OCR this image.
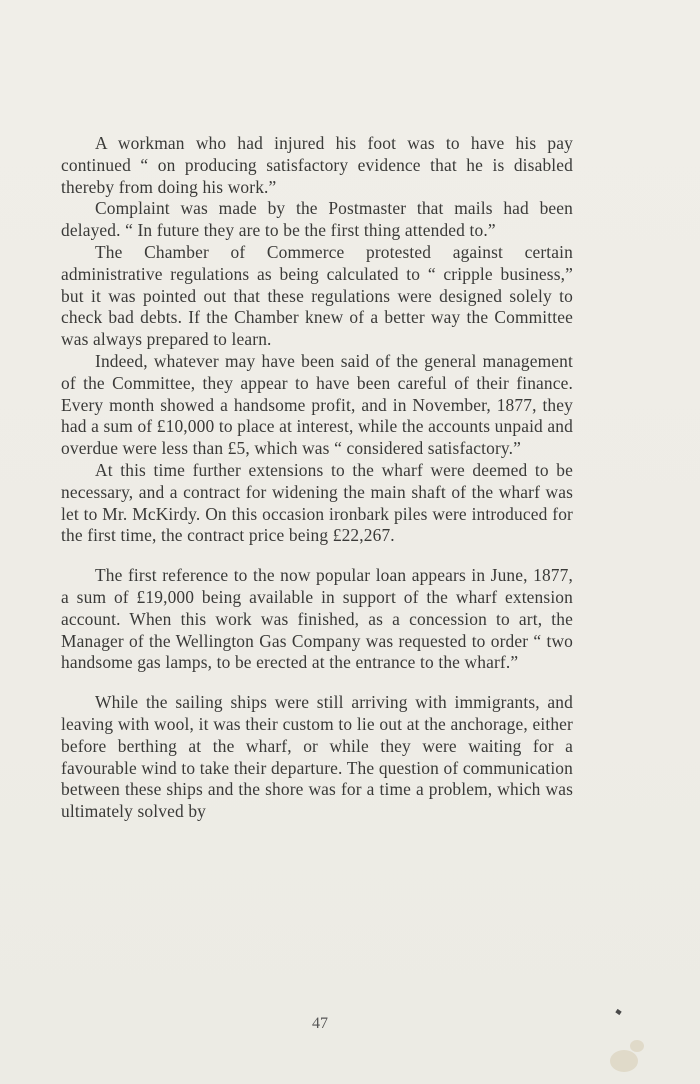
A workman who had injured his foot was to have his pay continued “ on producing satisfactory evidence that he is disabled thereby from doing his work.”

Complaint was made by the Postmaster that mails had been delayed. “ In future they are to be the first thing attended to.”

The Chamber of Commerce protested against certain administrative regulations as being calculated to “ cripple business,” but it was pointed out that these regulations were designed solely to check bad debts. If the Chamber knew of a better way the Committee was always prepared to learn.

Indeed, whatever may have been said of the general management of the Committee, they appear to have been careful of their finance. Every month showed a handsome profit, and in November, 1877, they had a sum of £10,000 to place at interest, while the accounts unpaid and overdue were less than £5, which was “ considered satisfactory.”

At this time further extensions to the wharf were deemed to be necessary, and a contract for widening the main shaft of the wharf was let to Mr. McKirdy. On this occasion ironbark piles were introduced for the first time, the contract price being £22,267.

The first reference to the now popular loan appears in June, 1877, a sum of £19,000 being available in support of the wharf extension account. When this work was finished, as a concession to art, the Manager of the Wellington Gas Company was requested to order “ two handsome gas lamps, to be erected at the entrance to the wharf.”

While the sailing ships were still arriving with immigrants, and leaving with wool, it was their custom to lie out at the anchorage, either before berthing at the wharf, or while they were waiting for a favourable wind to take their departure. The question of communication between these ships and the shore was for a time a problem, which was ultimately solved by

47
